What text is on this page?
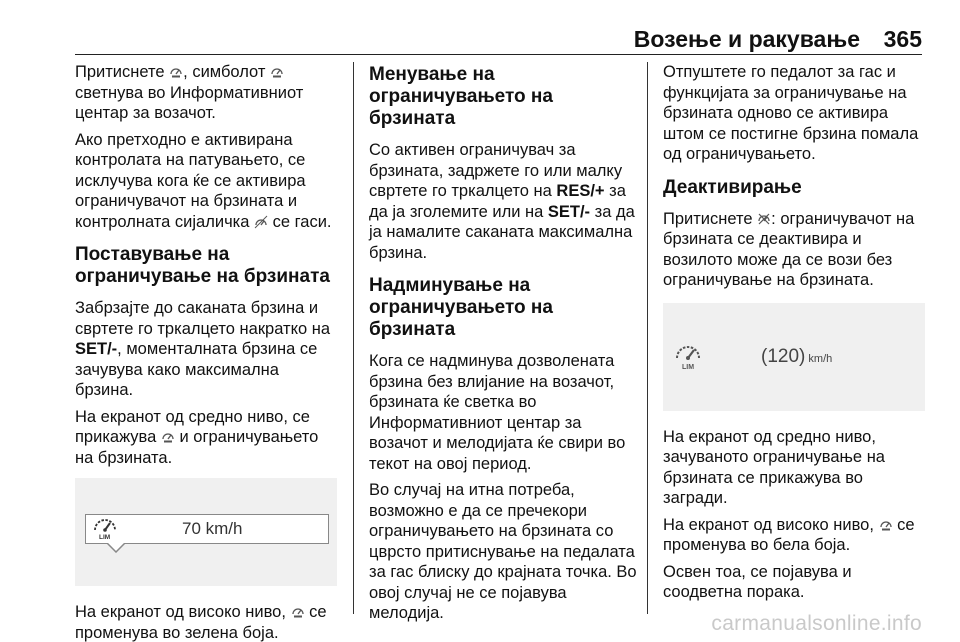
Возење и ракување 365

Притиснете , симболот  светнува во Информативниот центар за возачот.

Ако претходно е активирана контролата на патувањето, се исклучува кога ќе се активира ограничувачот на брзината и контролната сијаличка  се гаси.

Поставување на ограничување на брзината

Забрзајте до саканата брзина и свртете го тркалцето накратко на SET/-, моменталната брзина се зачувува како максимална брзина.

На екранот од средно ниво, се прикажува  и ограничувањето на брзината.

LIM	70 km/h

На екранот од високо ниво,  се променува во зелена боја.

Менување на ограничувањето на брзината

Со активен ограничувач за брзината, задржете го или малку свртете го тркалцето на RES/+ за да ја зголемите или на SET/- за да ја намалите саканата максимална брзина.

Надминување на ограничувањето на брзината

Кога се надминува дозволената брзина без влијание на возачот, брзината ќе светка во Информативниот центар за возачот и мелодијата ќе свири во текот на овој период.

Во случај на итна потреба, возможно е да се пречекори ограничувањето на брзината со цврсто притиснување на педалата за гас блиску до крајната точка. Во овој случај не се појавува мелодија.

Отпуштете го педалот за гас и функцијата за ограничување на брзината одново се активира штом се постигне брзина помала од ограничувањето.

Деактивирање

Притиснете : ограничувачот на брзината се деактивира и возилото може да се вози без ограничување на брзината.

LIM
(120) km/h

На екранот од средно ниво, зачуваното ограничување на брзината се прикажува во загради.

На екранот од високо ниво,  се променува во бела боја.

Освен тоа, се појавува и соодветна порака.

carmanualsonline.info
